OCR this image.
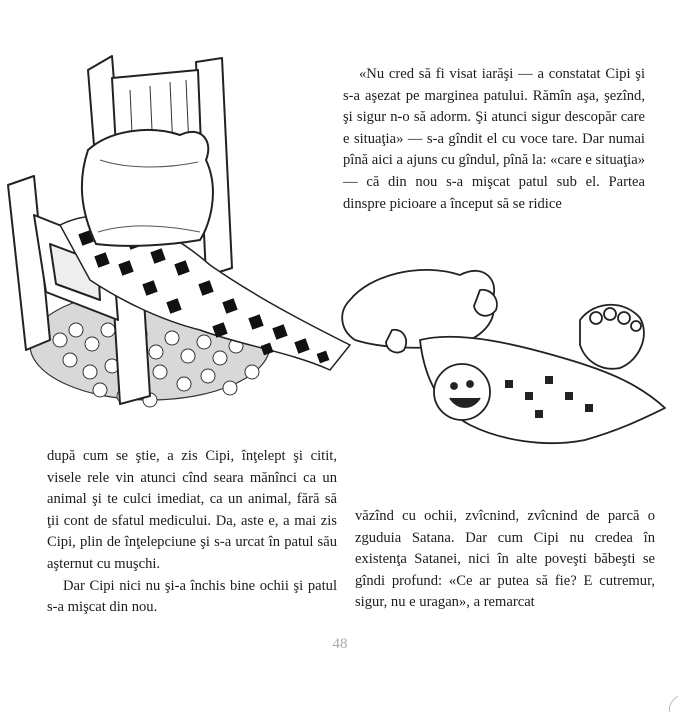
«Nu cred să fi visat iarăşi — a constatat Cipi şi s-a aşezat pe marginea patului. Rămîn aşa, şezînd, şi sigur n-o să adorm. Şi atunci sigur descopăr care e situaţia» — s-a gîndit el cu voce tare. Dar numai pînă aici a ajuns cu gîndul, pînă la: «care e situaţia» — că din nou s-a mişcat patul sub el. Partea dinspre picioare a început să se ridice

după cum se ştie, a zis Cipi, înţelept şi citit, visele rele vin atunci cînd seara mănînci ca un animal şi te culci imediat, ca un animal, fără să ţii cont de sfatul medicului. Da, aste e, a mai zis Cipi, plin de înţelepciune şi s-a urcat în patul său aşternut cu muşchi.

Dar Cipi nici nu şi-a închis bine ochii şi patul s-a mişcat din nou.

văzînd cu ochii, zvîcnind, zvîcnind de parcă o zguduia Satana. Dar cum Cipi nu credea în existenţa Satanei, nici în alte poveşti băbeşti se gîndi profund: «Ce ar putea să fie? E cutremur, sigur, nu e uragan», a remarcat

48
